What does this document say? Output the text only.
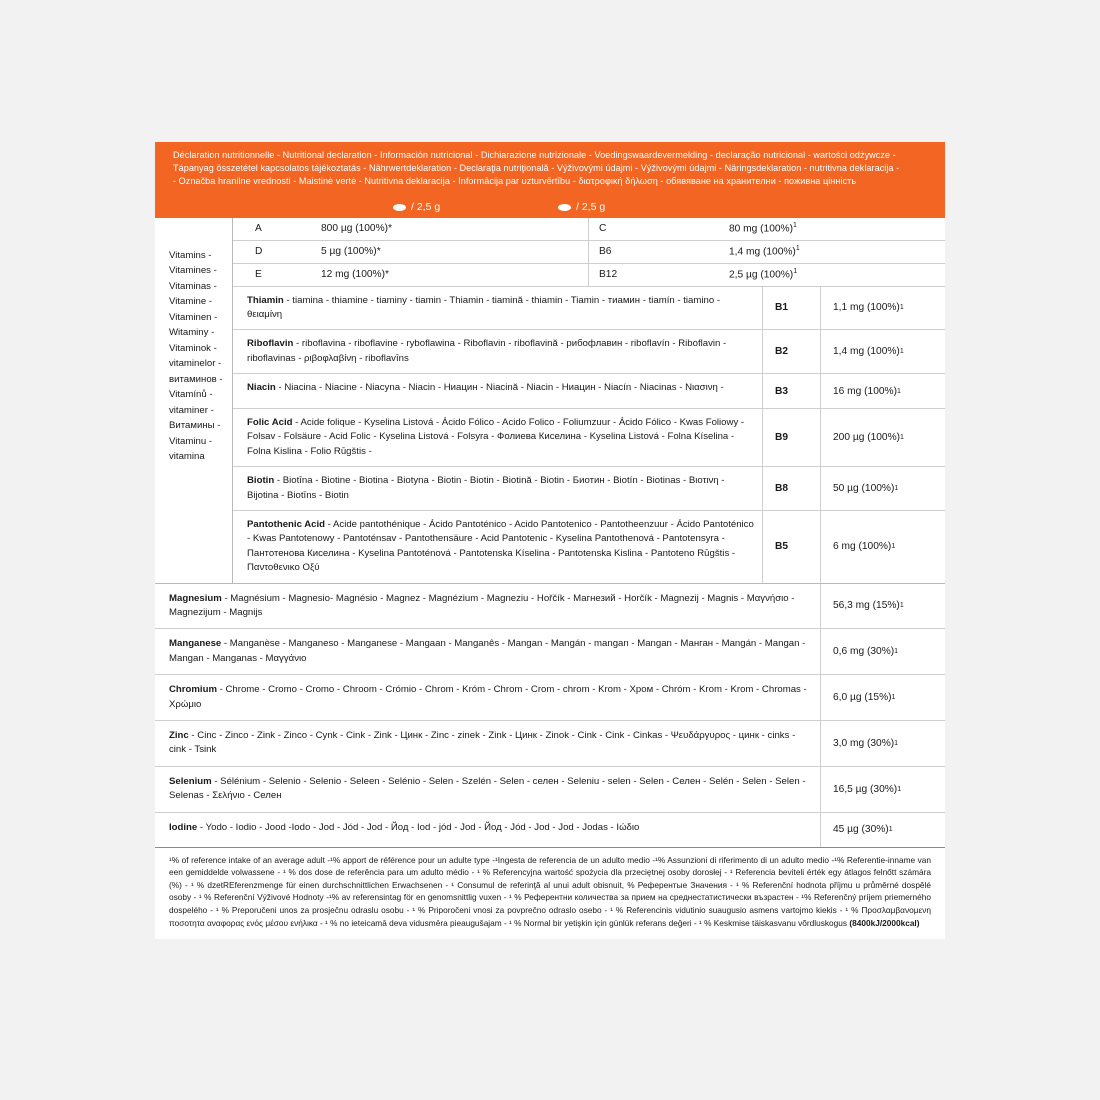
Déclaration nutritionnelle - Nutritional declaration - Información nutricional - Dichiarazione nutrizionale - Voedingswaardevermelding - declaração nutricional - wartości odżywcze -
Tápanyag összetétel kapcsolatos tájékoztatás - Nährwertdeklaration - Declaraţia nutriţională - Výživovými údajmi - Výživovými údajmi - Näringsdeklaration - nutritivna deklaracija -
- Označba hranilne vrednosti - Maistinė vertė - Nutritivna deklaracija - Informācija par uzturvērtību - διατροφική δήλωση - обявяване на хранителни - поживна цінність
/ 2,5 g	/ 2,5 g
Vitamins - Vitamines - Vitaminas - Vitamine - Vitaminen - Witaminy - Vitaminok - vitaminelor - витаминов - Vitamínů - vitaminer - Витамины - Vitaminu - vitamina
A	800 µg (100%)*
D	5 µg (100%)*
E	12 mg (100%)*
C	80 mg $(100\%)^1$
B6	1,4 mg $(100\%)^1$
B12	2,5 µg $(100\%)^1$
Thiamin - tiamina - thiamine - tiaminy - tiamin - Thiamin - tiamină - thiamin - Tiamin - тиамин - tiamín - tiamino - θειαμίνη
B1	1,1 mg (100%) 1
Riboflavin - riboflavina - riboflavine - ryboflawina - Riboflavin - riboflavină - рибофлавин - riboflavín - Riboflavin - riboflavinas - ριβοφλαβίνη - riboflavīns
B2	1,4 mg (100%) 1
Niacin - Niacina - Niacine - Niacyna - Niacin - Ниацин - Niacină - Niacin - Ниацин - Niacín - Niacinas - Νιασινη -	B3	16 mg (100%) 1
Folic Acid - Acide folique - Kyselina Listová - Ácido Fólico - Acido Folico - Foliumzuur - Ácido Fólico - Kwas Foliowy - Folsav - Folsäure - Acid Folic - Kyselina Listová - Folsyra - Фолиева Киселина - Kyselina Listová - Folna Kíselina - Folna Kislina - Folio Rūgštis -
B9	200 µg (100%) 1
Biotin - Biotīna - Biotine - Biotina - Biotyna - Biotin - Biotin - Biotină - Biotin - Биотин - Biotín - Biotinas - Βιοτινη - Bijotina - Biotīns - Biotin
B8	50 µg (100%) 1
Pantothenic Acid - Acide pantothénique - Ácido Pantoténico - Acido Pantotenico - Pantotheenzuur - Ácido Pantoténico - Kwas Pantotenowy - Pantoténsav - Pantothensäure - Acid Pantotenic - Kyselina Pantothenová - Pantotensyra - Пантотенова Киселина - Kyselina Pantoténová - Pantotenska Kíselina - Pantotenska Kislina - Pantoteno Rūgštis - Παντοθενικο Οξύ
B5	6 mg (100%) 1
Magnesium - Magnésium - Magnesio- Magnésio - Magnez - Magnézium - Magneziu - Hořčík - Магнезий - Horčík - Magnezij - Magnis - Μαγνήσιο - Magnezijum - Magnijs
56,3 mg (15%) 1
Manganese - Manganèse - Manganeso - Manganese - Mangaan - Manganês - Mangan - Mangán - mangan - Mangan - Манган - Mangán - Mangan - Mangan - Manganas - Μαγγάνιο
0,6 mg (30%) 1
Chromium - Chrome - Cromo - Cromo - Chroom - Crómio - Chrom - Króm - Chrom - Crom - chrom - Krom - Хром - Chróm - Krom - Krom - Chromas - Χρώμιο
6,0 µg (15%) 1
Zinc - Cinc - Zinco - Zink - Zinco - Cynk - Cink - Zink - Цинк - Zinc - zinek - Zink - Цинк - Zinok - Cink - Cink - Cinkas - Ψευδάργυρος - цинк - cinks - cink - Tsink
3,0 mg (30%) 1
Selenium - Sélénium - Selenio - Selenio - Seleen - Selénio - Selen - Szelén - Selen - селен - Seleniu - selen - Selen - Селен - Selén - Selen - Selen - Selenas - Σελήνιο - Селен
16,5 µg (30%) 1
Iodine - Yodo - Iodio - Jood -Iodo - Jod - Jód - Jod - Йод - Iod - jód - Jod - Йод - Jód - Jod - Jod - Jodas - Ιώδιο	45 µg (30%) 1
¹% of reference intake of an average adult -¹% apport de référence pour un adulte type -¹Ingesta de referencia de un adulto medio -¹% Assunzioni di riferimento di un adulto medio -¹% Referentie-inname van een gemiddelde volwassene - ¹ % dos dose de referência para um adulto médio - ¹ % Referencyjna wartość spożycia dla przeciętnej osoby dorosłej - ¹ Referencia beviteli érték egy átlagos felnőtt számára (%) - ¹ % dzetREferenzmenge für einen durchschnittlichen Erwachsenen - ¹ Consumul de referinţă al unui adult obisnuit, % Референтые Значения - ¹ % Referenční hodnota příjmu u průměrné dospělé osoby - ¹ % Referenční Výživové Hodnoty -¹% av referensintag för en genomsnittlig vuxen - ¹ % Референтни количества за прием на среднеcтатистически възрастен - ¹% Referenčný príjem priemerného dospelého - ¹ % Preporučeni unos za prosječnu odraslu osobu - ¹ % Priporočeni vnosi za povprečno odraslo osebo - ¹ % Referencinis vidutinio suaugusio asmens vartojmo kiekis - ¹ % Προσλαμβανομενη ποσοτητα αναφορας ενός μέσου ενήλικα - ¹ % no ieteicamā deva vidusmēra pieaugušajam - ¹ % Normal bir yetişkin için günlük referans değeri - ¹ % Keskmise täiskasvanu võrdluskogus (8400kJ/2000kcal)
